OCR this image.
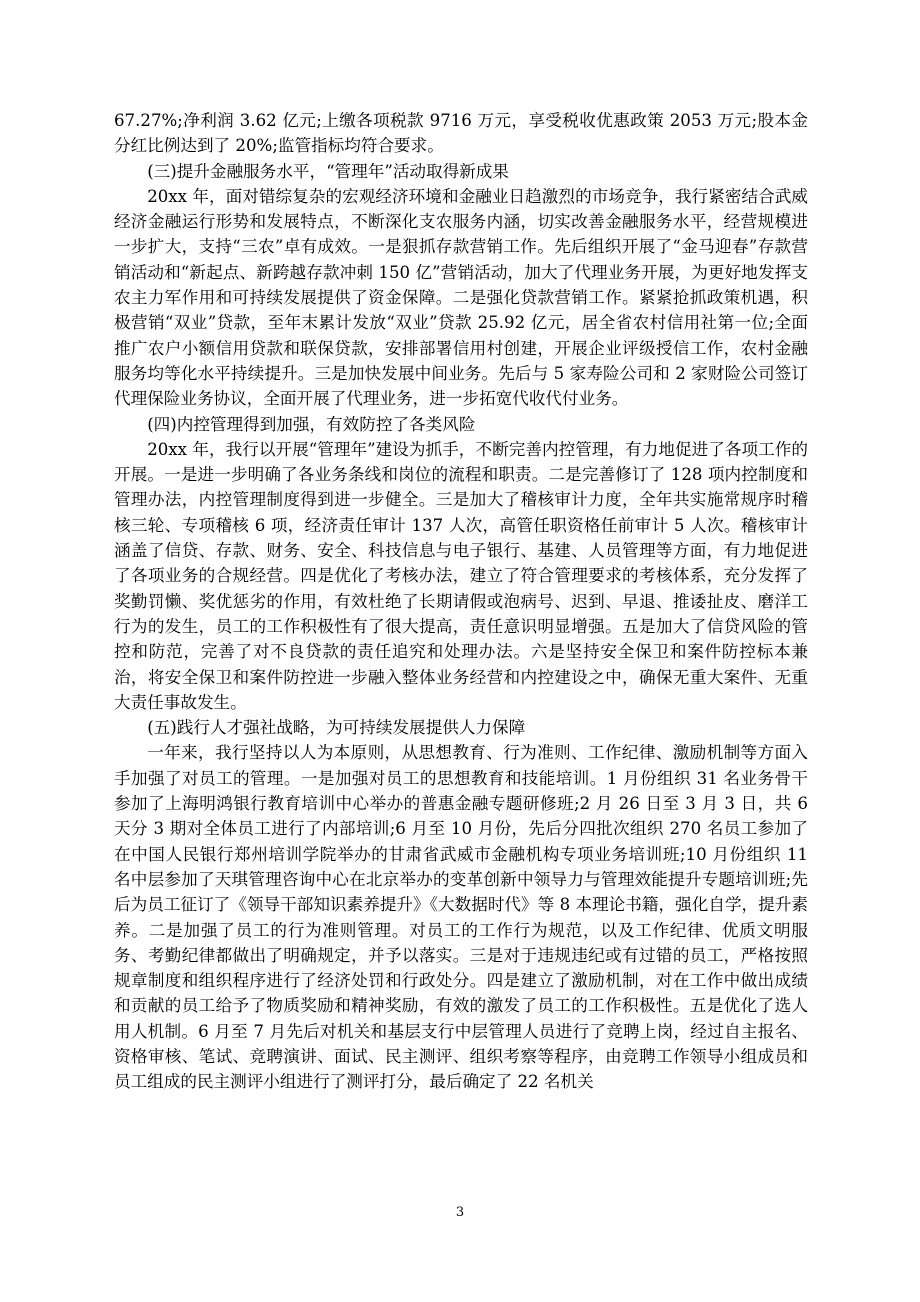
67.27%;净利润 3.62 亿元;上缴各项税款 9716 万元，享受税收优惠政策 2053 万元;股本金分红比例达到了 20%;监管指标均符合要求。

(三)提升金融服务水平，“管理年”活动取得新成果

20xx 年，面对错综复杂的宏观经济环境和金融业日趋激烈的市场竞争，我行紧密结合武威经济金融运行形势和发展特点，不断深化支农服务内涵，切实改善金融服务水平，经营规模进一步扩大，支持“三农”卓有成效。一是狠抓存款营销工作。先后组织开展了“金马迎春”存款营销活动和“新起点、新跨越存款冲刺 150 亿”营销活动，加大了代理业务开展，为更好地发挥支农主力军作用和可持续发展提供了资金保障。二是强化贷款营销工作。紧紧抢抓政策机遇，积极营销“双业”贷款，至年末累计发放“双业”贷款 25.92 亿元，居全省农村信用社第一位;全面推广农户小额信用贷款和联保贷款，安排部署信用村创建，开展企业评级授信工作，农村金融服务均等化水平持续提升。三是加快发展中间业务。先后与 5 家寿险公司和 2 家财险公司签订代理保险业务协议，全面开展了代理业务，进一步拓宽代收代付业务。

(四)内控管理得到加强，有效防控了各类风险

20xx 年，我行以开展“管理年”建设为抓手，不断完善内控管理，有力地促进了各项工作的开展。一是进一步明确了各业务条线和岗位的流程和职责。二是完善修订了 128 项内控制度和管理办法，内控管理制度得到进一步健全。三是加大了稽核审计力度，全年共实施常规序时稽核三轮、专项稽核 6 项，经济责任审计 137 人次，高管任职资格任前审计 5 人次。稽核审计涵盖了信贷、存款、财务、安全、科技信息与电子银行、基建、人员管理等方面，有力地促进了各项业务的合规经营。四是优化了考核办法，建立了符合管理要求的考核体系，充分发挥了奖勤罚懒、奖优惩劣的作用，有效杜绝了长期请假或泡病号、迟到、早退、推诿扯皮、磨洋工行为的发生，员工的工作积极性有了很大提高，责任意识明显增强。五是加大了信贷风险的管控和防范，完善了对不良贷款的责任追究和处理办法。六是坚持安全保卫和案件防控标本兼治，将安全保卫和案件防控进一步融入整体业务经营和内控建设之中，确保无重大案件、无重大责任事故发生。

(五)践行人才强社战略，为可持续发展提供人力保障

一年来，我行坚持以人为本原则，从思想教育、行为准则、工作纪律、激励机制等方面入手加强了对员工的管理。一是加强对员工的思想教育和技能培训。1 月份组织 31 名业务骨干参加了上海明鸿银行教育培训中心举办的普惠金融专题研修班;2 月 26 日至 3 月 3 日，共 6 天分 3 期对全体员工进行了内部培训;6 月至 10 月份，先后分四批次组织 270 名员工参加了在中国人民银行郑州培训学院举办的甘肃省武威市金融机构专项业务培训班;10 月份组织 11 名中层参加了天琪管理咨询中心在北京举办的变革创新中领导力与管理效能提升专题培训班;先后为员工征订了《领导干部知识素养提升》《大数据时代》等 8 本理论书籍，强化自学，提升素养。二是加强了员工的行为准则管理。对员工的工作行为规范，以及工作纪律、优质文明服务、考勤纪律都做出了明确规定，并予以落实。三是对于违规违纪或有过错的员工，严格按照规章制度和组织程序进行了经济处罚和行政处分。四是建立了激励机制，对在工作中做出成绩和贡献的员工给予了物质奖励和精神奖励，有效的激发了员工的工作积极性。五是优化了选人用人机制。6 月至 7 月先后对机关和基层支行中层管理人员进行了竞聘上岗，经过自主报名、资格审核、笔试、竞聘演讲、面试、民主测评、组织考察等程序，由竞聘工作领导小组成员和员工组成的民主测评小组进行了测评打分，最后确定了 22 名机关

3
